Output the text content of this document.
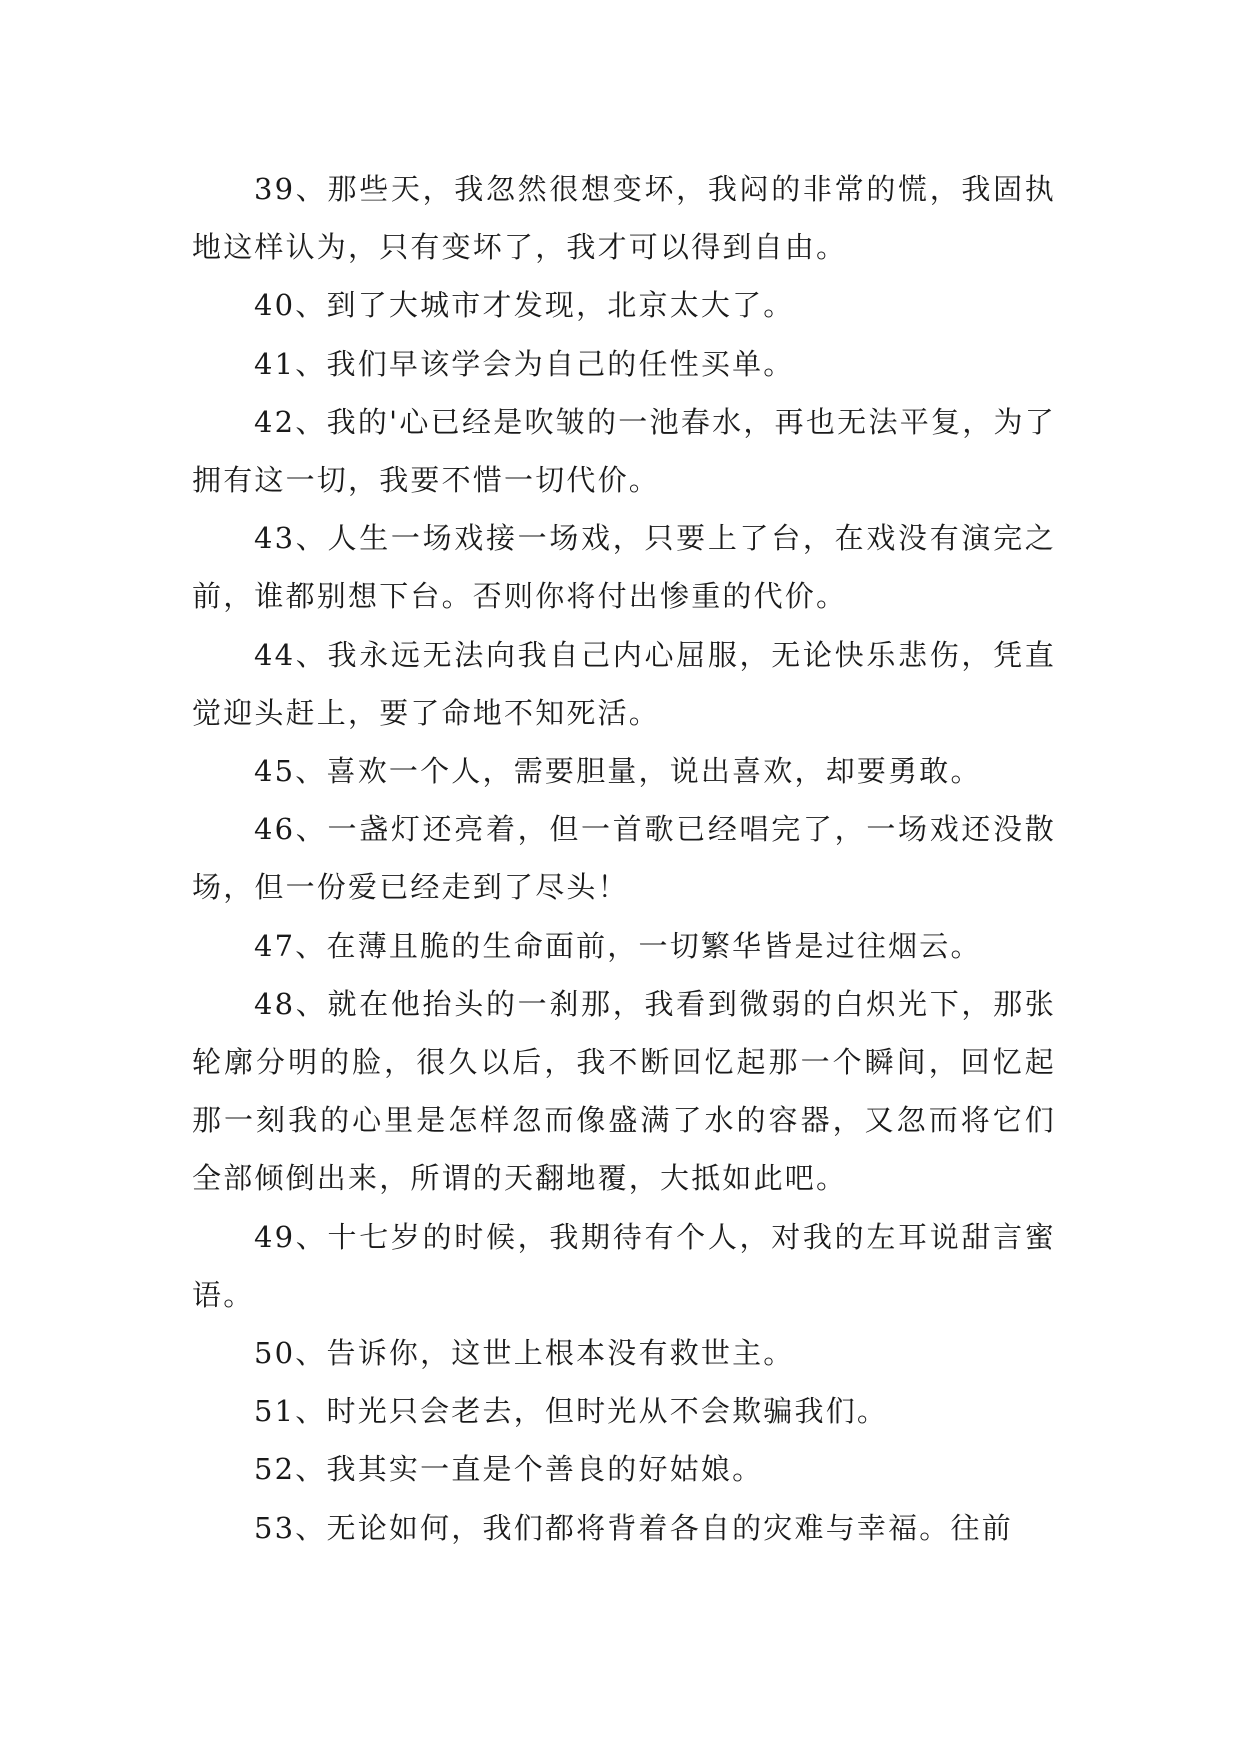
39、那些天，我忽然很想变坏，我闷的非常的慌，我固执地这样认为，只有变坏了，我才可以得到自由。

40、到了大城市才发现，北京太大了。

41、我们早该学会为自己的任性买单。

42、我的'心已经是吹皱的一池春水，再也无法平复，为了拥有这一切，我要不惜一切代价。

43、人生一场戏接一场戏，只要上了台，在戏没有演完之前，谁都别想下台。否则你将付出惨重的代价。

44、我永远无法向我自己内心屈服，无论快乐悲伤，凭直觉迎头赶上，要了命地不知死活。

45、喜欢一个人，需要胆量，说出喜欢，却要勇敢。

46、一盏灯还亮着，但一首歌已经唱完了，一场戏还没散场，但一份爱已经走到了尽头！

47、在薄且脆的生命面前，一切繁华皆是过往烟云。

48、就在他抬头的一刹那，我看到微弱的白炽光下，那张轮廓分明的脸，很久以后，我不断回忆起那一个瞬间，回忆起那一刻我的心里是怎样忽而像盛满了水的容器，又忽而将它们全部倾倒出来，所谓的天翻地覆，大抵如此吧。

49、十七岁的时候，我期待有个人，对我的左耳说甜言蜜语。

50、告诉你，这世上根本没有救世主。

51、时光只会老去，但时光从不会欺骗我们。

52、我其实一直是个善良的好姑娘。

53、无论如何，我们都将背着各自的灾难与幸福。往前
